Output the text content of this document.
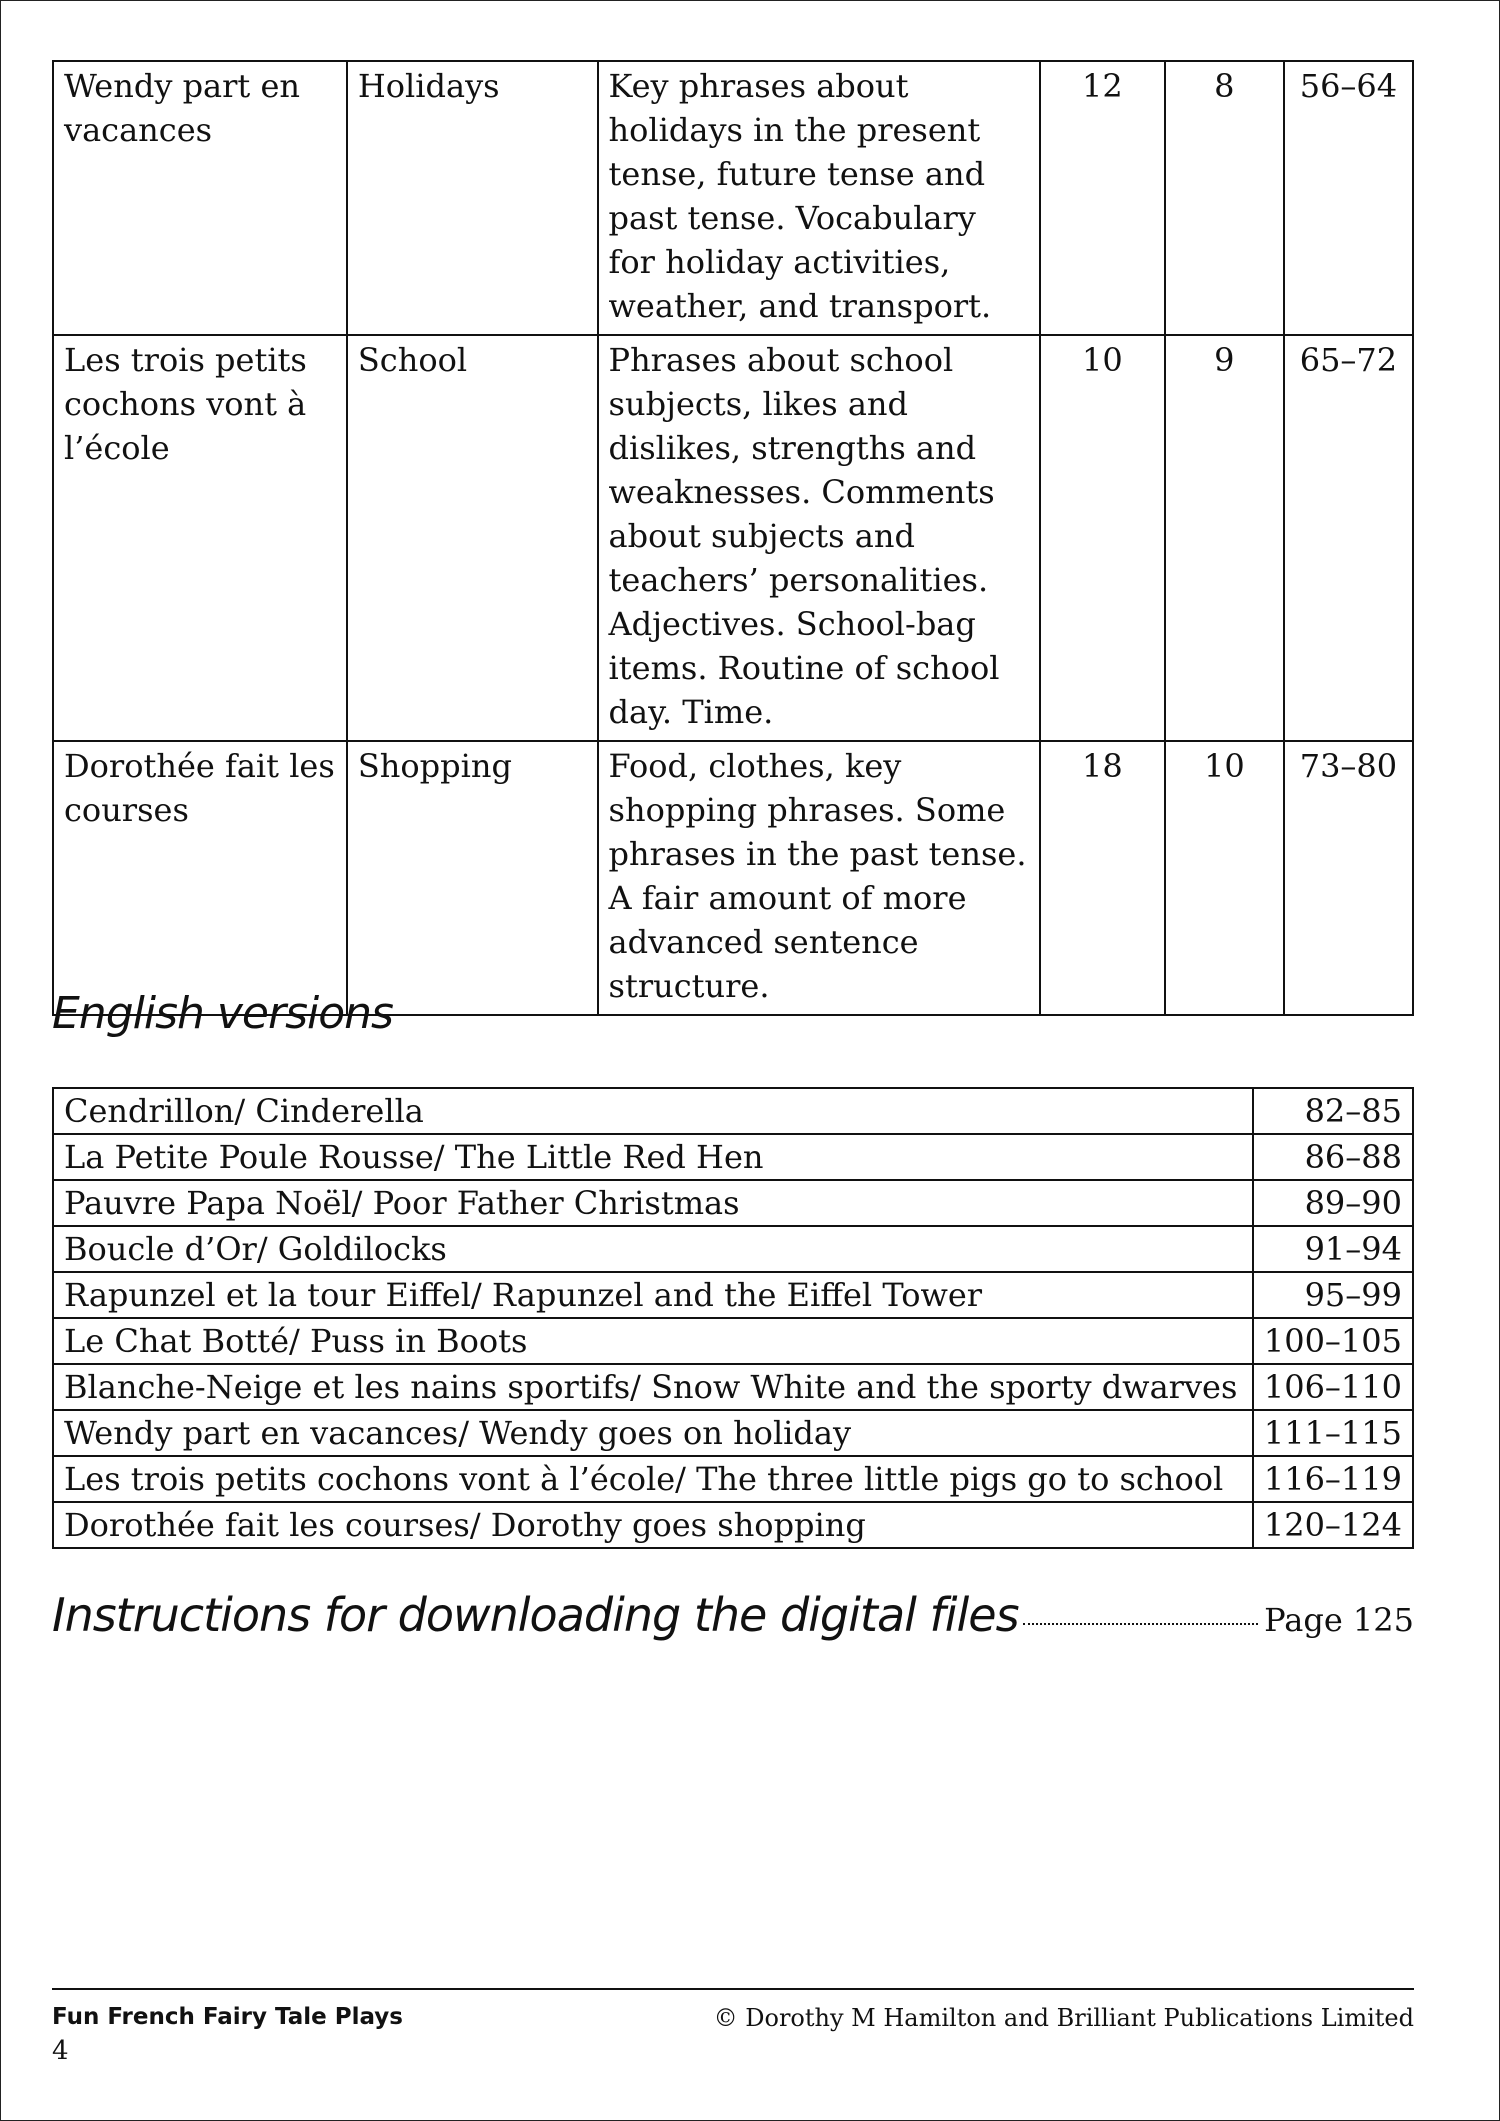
Wendy part en vacances	Holidays	Key phrases about holidays in the present tense, future tense and past tense. Vocabulary for holiday activities, weather, and transport.	12	8	56–64
Les trois petits cochons vont à l’école	School	Phrases about school subjects, likes and dislikes, strengths and weaknesses. Comments about subjects and teachers’ personalities. Adjectives. School-bag items. Routine of school day. Time.	10	9	65–72
Dorothée fait les courses	Shopping	Food, clothes, key shopping phrases. Some phrases in the past tense. A fair amount of more advanced sentence structure.	18	10	73–80
English versions
Cendrillon/ Cinderella	82–85
La Petite Poule Rousse/ The Little Red Hen	86–88
Pauvre Papa Noël/ Poor Father Christmas	89–90
Boucle d’Or/ Goldilocks	91–94
Rapunzel et la tour Eiffel/ Rapunzel and the Eiffel Tower	95–99
Le Chat Botté/ Puss in Boots	100–105
Blanche-Neige et les nains sportifs/ Snow White and the sporty dwarves	106–110
Wendy part en vacances/ Wendy goes on holiday	111–115
Les trois petits cochons vont à l’école/ The three little pigs go to school	116–119
Dorothée fait les courses/ Dorothy goes shopping	120–124
Instructions for downloading the digital files	Page 125
Fun French Fairy Tale Plays	© Dorothy M Hamilton and Brilliant Publications Limited
4
